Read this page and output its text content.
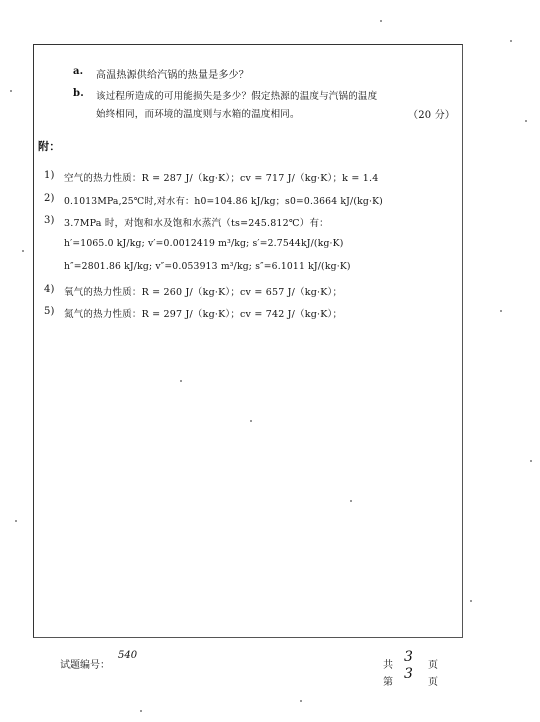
a. 高温热源供给汽锅的热量是多少？
b. 该过程所造成的可用能损失是多少？假定热源的温度与汽锅的温度
始终相同，而环境的温度则与水箱的温度相同。	（20 分）
附：
1) 空气的热力性质：R = 287 J/（kg·K）；cv = 717 J/（kg·K）；k = 1.4
2) 0.1013MPa,25℃时,对水有：h0=104.86 kJ/kg；s0=0.3664 kJ/(kg·K)
3) 3.7MPa 时，对饱和水及饱和水蒸汽（ts=245.812℃）有：
h′=1065.0 kJ/kg; v′=0.0012419 m³/kg; s′=2.7544kJ/(kg·K)
h″=2801.86 kJ/kg; v″=0.053913 m³/kg; s″=6.1011 kJ/(kg·K)
4) 氧气的热力性质：R = 260 J/（kg·K）；cv = 657 J/（kg·K）；
5) 氮气的热力性质：R = 297 J/（kg·K）；cv = 742 J/（kg·K）；
试题编号：
540
共
3
页
第
3
页
